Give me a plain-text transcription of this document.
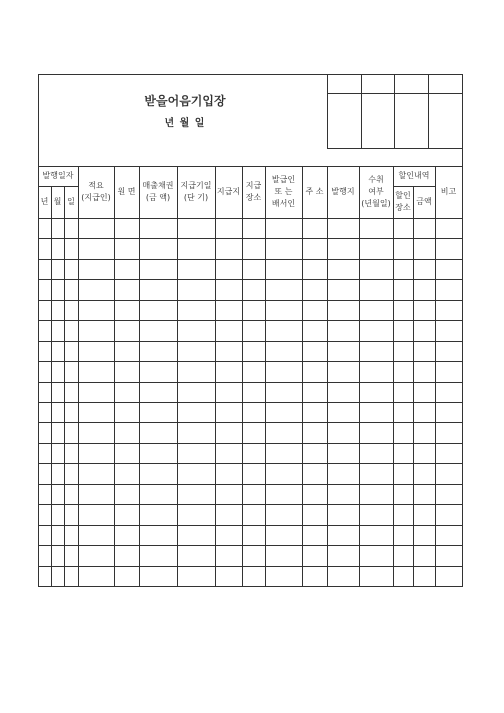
받을어음기입장
년 월 일
발행일자
년 월 일
적요
(지급인)
원 면
매출채권
(금 액)
지급기일
(단 기)
지급지
지급
장소
발급인
또 는
배서인
주 소 발행지
수취
여부
(년월일)
할인내역
할인
장소
금액
비고
